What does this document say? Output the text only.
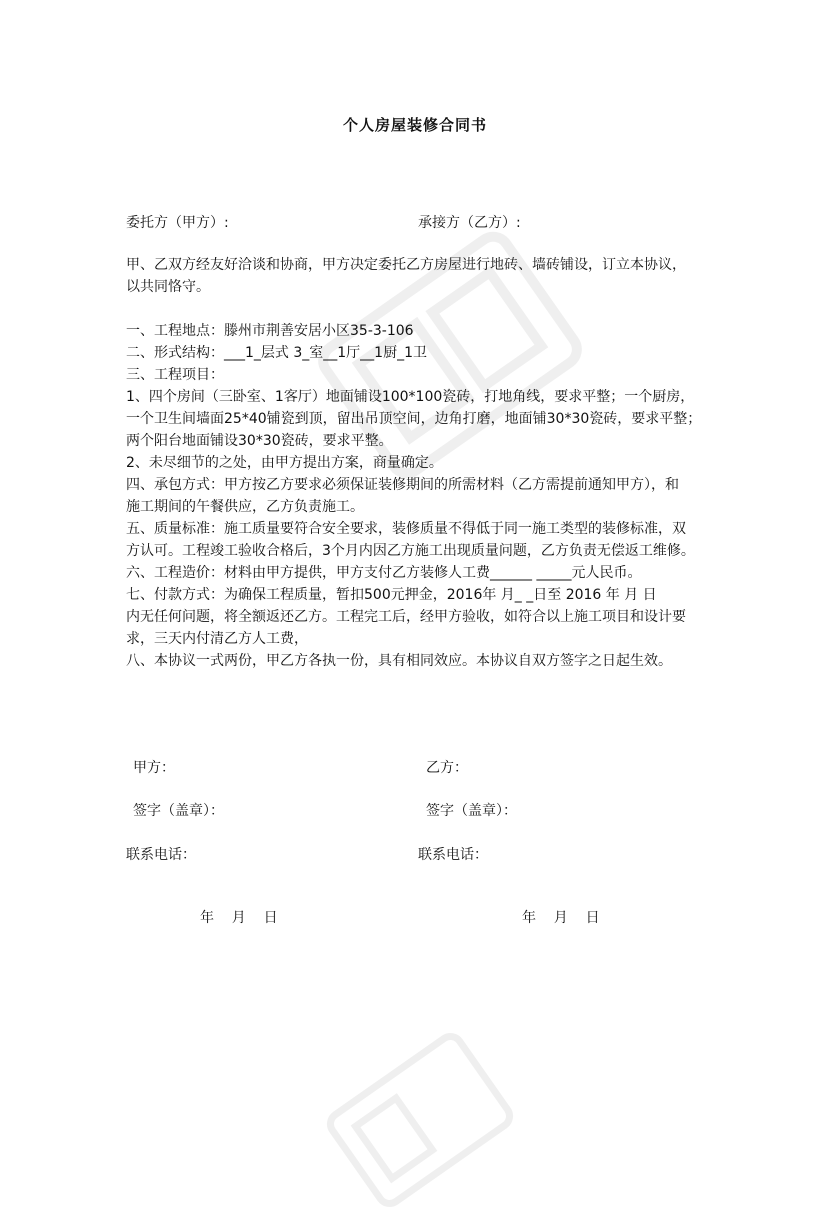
个人房屋装修合同书
委托方（甲方）:	承接方（乙方）:

甲、乙双方经友好洽谈和协商，甲方决定委托乙方房屋进行地砖、墙砖铺设，订立本协议，

以共同恪守。

一、工程地点：滕州市荆善安居小区35-3-106

二、形式结构：___1_层式 3_室__1厅__1厨_1卫

三、工程项目：

1、四个房间（三卧室、1客厅）地面铺设100*100瓷砖，打地角线，要求平整；一个厨房，

一个卫生间墙面25*40铺瓷到顶，留出吊顶空间，边角打磨，地面铺30*30瓷砖，要求平整；

两个阳台地面铺设30*30瓷砖，要求平整。

2、未尽细节的之处，由甲方提出方案，商量确定。

四、承包方式：甲方按乙方要求必须保证装修期间的所需材料（乙方需提前通知甲方），和

施工期间的午餐供应，乙方负责施工。

五、质量标准：施工质量要符合安全要求，装修质量不得低于同一施工类型的装修标准，双

方认可。工程竣工验收合格后，3个月内因乙方施工出现质量问题，乙方负责无偿返工维修。

六、工程造价：材料由甲方提供，甲方支付乙方装修人工费______ _____元人民币。

七、付款方式：为确保工程质量，暂扣500元押金，2016年 月_ _日至 2016 年 月 日

内无任何问题，将全额返还乙方。工程完工后，经甲方验收，如符合以上施工项目和设计要

求，三天内付清乙方人工费，

八、本协议一式两份，甲乙方各执一份，具有相同效应。本协议自双方签字之日起生效。

甲方：	乙方：
签字（盖章）：	签字（盖章）：
联系电话：	联系电话：
年    月    日	年    月    日
